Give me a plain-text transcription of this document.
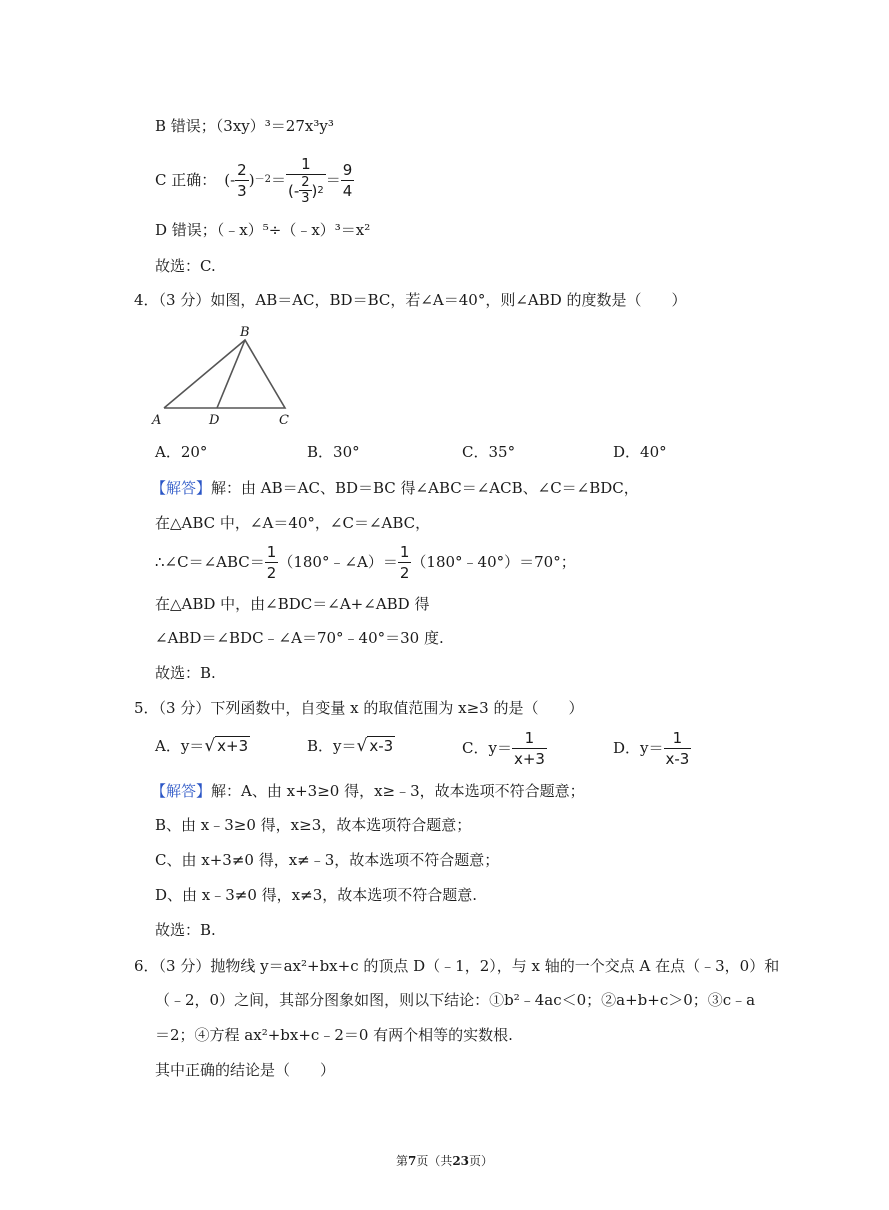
B 错误；（3xy）³＝27x³y³
C 正确： (- $\frac{2}{3}$ ) $-2 = \frac{1}{(- \frac{2}{3} ) 2} = \frac{9}{4}$
D 错误；（﹣x）⁵÷（﹣x）³＝x²
故选：C.
4．（3 分）如图，AB＝AC，BD＝BC，若∠A＝40°，则∠ABD 的度数是（　　）
B
A	D	C
A．20°	B．30°	C．35°	D．40°
【解答】解：由 AB＝AC、BD＝BC 得∠ABC＝∠ACB、∠C＝∠BDC，
在△ABC 中，∠A＝40°，∠C＝∠ABC，
∴∠C＝∠ABC＝ $\frac{1}{2}$ （180°﹣∠A）＝ $\frac{1}{2}$ （180°﹣40°）＝70°；
在△ABD 中，由∠BDC＝∠A+∠ABD 得
∠ABD＝∠BDC﹣∠A＝70°﹣40°＝30 度.
故选：B.
5．（3 分）下列函数中，自变量 x 的取值范围为 x≥3 的是（　　）
A．y＝√ x+3	B．y＝√ x-3	C．$y= \frac{1}{x+3}$	D．$y= \frac{1}{x-3}$
【解答】解：A、由 x+3≥0 得，x≥﹣3，故本选项不符合题意；
B、由 x﹣3≥0 得，x≥3，故本选项符合题意；
C、由 x+3≠0 得，x≠﹣3，故本选项不符合题意；
D、由 x﹣3≠0 得，x≠3，故本选项不符合题意.
故选：B.
6．（3 分）抛物线 y＝ax²+bx+c 的顶点 D（﹣1，2），与 x 轴的一个交点 A 在点（﹣3，0）和
（﹣2，0）之间，其部分图象如图，则以下结论：①b²﹣4ac＜0；②a+b+c＞0；③c﹣a
＝2；④方程 ax²+bx+c﹣2＝0 有两个相等的实数根.
其中正确的结论是（　　）
第7页（共23页）
